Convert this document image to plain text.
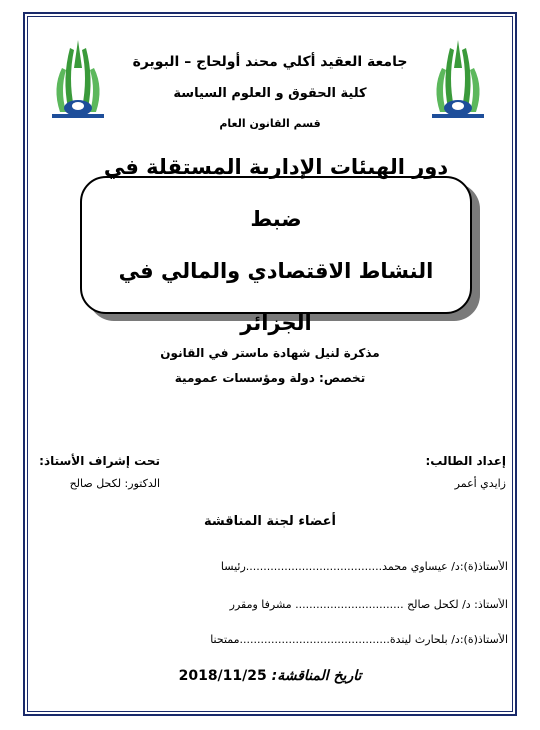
جامعة العقيد أكلي محند أولحاج – البويرة
كلية الحقوق و العلوم السياسة
قسم القانون العام
دور الهيئات الإدارية المستقلة في ضبط
النشاط الاقتصادي والمالي في الجزائر
مذكرة لنيل شهادة ماستر في القانون
تخصص: دولة ومؤسسات عمومية
إعداد الطالب:
زايدي أعمر
تحت إشراف الأستاذ:
الدكتور: لكحل صالح
أعضاء لجنة المناقشة
الأستاذ(ة):د/ عيساوي محمد.......................................رئيسا
الأستاذ: د/ لكحل صالح ............................... مشرفا ومقرر
الأستاذ(ة):د/ بلحارث ليندة...........................................ممتحنا
تاريخ المناقشة: 2018/11/25
